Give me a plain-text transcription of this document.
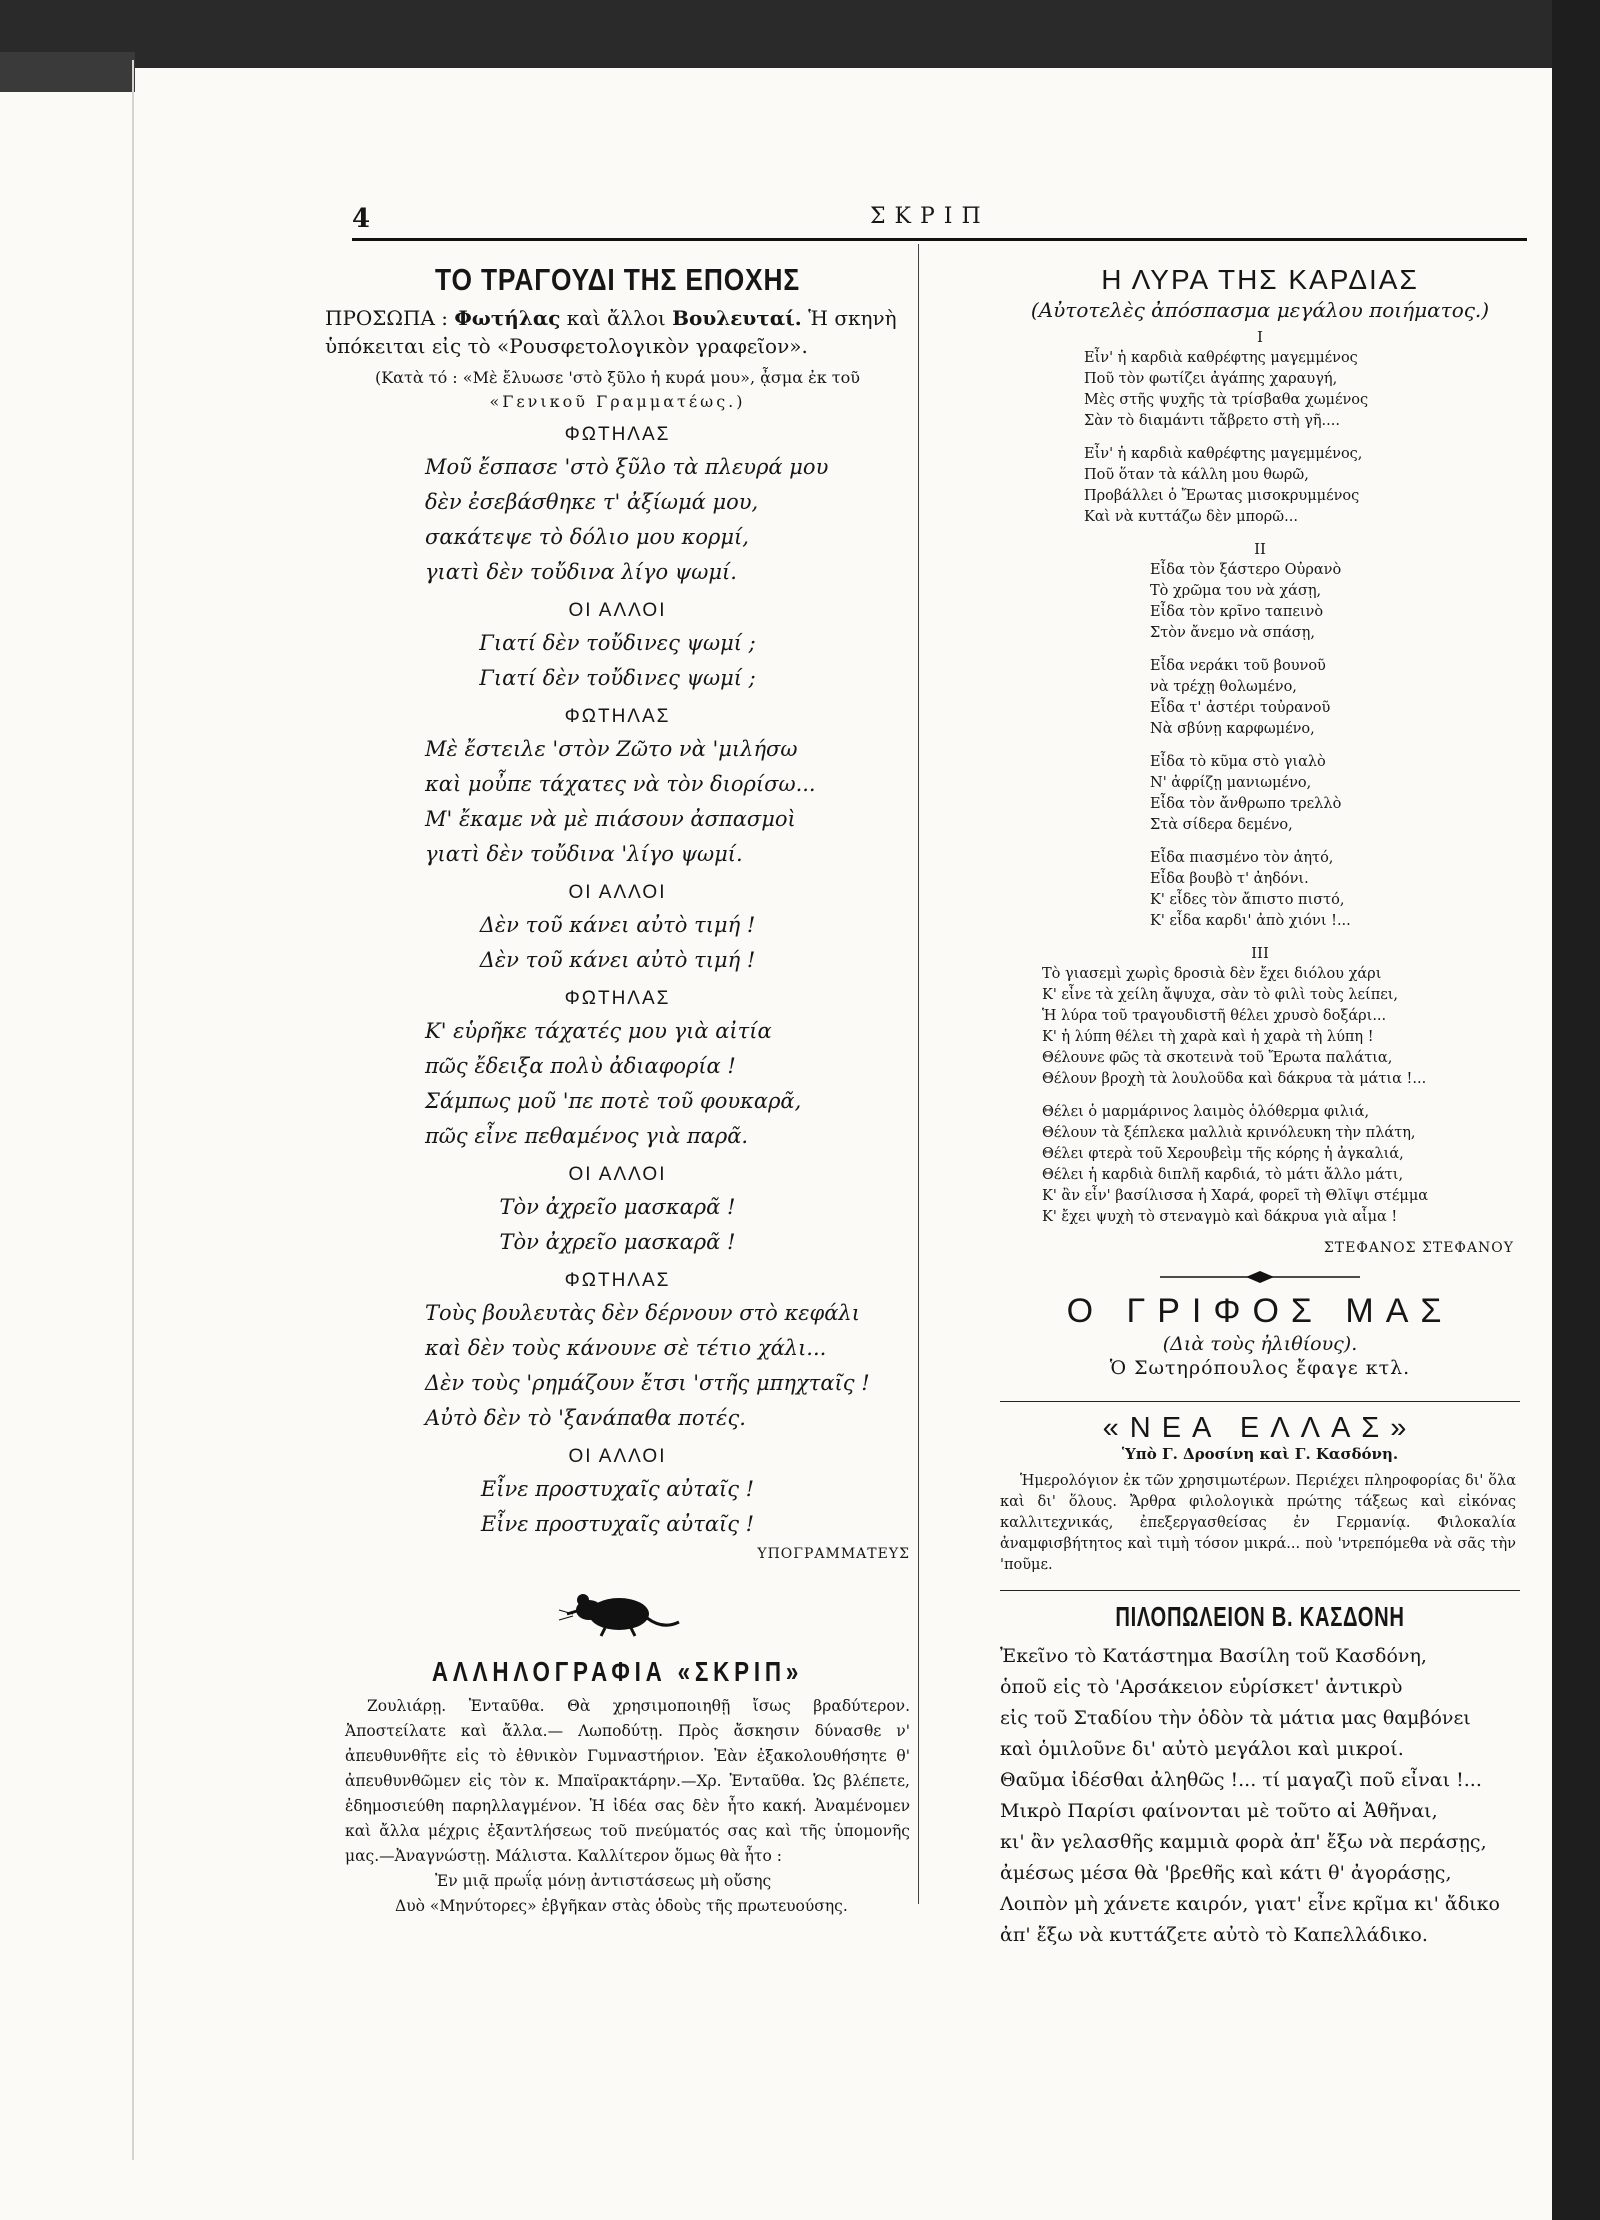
4	ΣΚΡΙΠ
ΤΟ ΤΡΑΓΟΥΔΙ ΤΗΣ ΕΠΟΧΗΣ
ΠΡΟΣΩΠΑ : Φωτήλας καὶ ἄλλοι Βουλευταί. Ἡ σκηνὴ ὑπόκειται εἰς τὸ «Ρουσφετολογικὸν γραφεῖον».
(Κατὰ τό : «Μὲ ἔλυωσε 'στὸ ξῦλο ἡ κυρά μου», ᾆσμα ἐκ τοῦ
«Γενικοῦ Γραμματέως.)
ΦΩΤΗΛΑΣ
Μοῦ ἔσπασε 'στὸ ξῦλο τὰ πλευρά μου
δὲν ἐσεβάσθηκε τ' ἀξίωμά μου,
σακάτεψε τὸ δόλιο μου κορμί,
γιατὶ δὲν τοὔδινα λίγο ψωμί.
ΟΙ ΑΛΛΟΙ
Γιατί δὲν τοὔδινες ψωμί ;
Γιατί δὲν τοὔδινες ψωμί ;
ΦΩΤΗΛΑΣ
Μὲ ἔστειλε 'στὸν Ζῶτο νὰ 'μιλήσω
καὶ μοὖπε τάχατες νὰ τὸν διορίσω...
Μ' ἔκαμε νὰ μὲ πιάσουν ἀσπασμοὶ
γιατὶ δὲν τοὔδινα 'λίγο ψωμί.
ΟΙ ΑΛΛΟΙ
Δὲν τοῦ κάνει αὐτὸ τιμή !
Δὲν τοῦ κάνει αὐτὸ τιμή !
ΦΩΤΗΛΑΣ
Κ' εὑρῆκε τάχατές μου γιὰ αἰτία
πῶς ἔδειξα πολὺ ἀδιαφορία !
Σάμπως μοῦ 'πε ποτὲ τοῦ φουκαρᾶ,
πῶς εἶνε πεθαμένος γιὰ παρᾶ.
ΟΙ ΑΛΛΟΙ
Τὸν ἀχρεῖο μασκαρᾶ !
Τὸν ἀχρεῖο μασκαρᾶ !
ΦΩΤΗΛΑΣ
Τοὺς βουλευτὰς δὲν δέρνουν στὸ κεφάλι
καὶ δὲν τοὺς κάνουνε σὲ τέτιο χάλι...
Δὲν τοὺς 'ρημάζουν ἔτσι 'στῆς μπηχταῖς !
Αὐτὸ δὲν τὸ 'ξανάπαθα ποτές.
ΟΙ ΑΛΛΟΙ
Εἶνε προστυχαῖς αὐταῖς !
Εἶνε προστυχαῖς αὐταῖς !
ΥΠΟΓΡΑΜΜΑΤΕΥΣ
ΑΛΛΗΛΟΓΡΑΦΙΑ «ΣΚΡΙΠ»

Ζουλιάρῃ. Ἐνταῦθα. Θὰ χρησιμοποιηθῇ ἴσως βραδύτερον. Ἀποστείλατε καὶ ἄλλα.— Λωποδύτῃ. Πρὸς ἄσκησιν δύνασθε ν' ἀπευθυνθῆτε εἰς τὸ ἐθνικὸν Γυμναστήριον. Ἐὰν ἐξακολουθήσητε θ' ἀπευθυνθῶμεν εἰς τὸν κ. Μπαϊρακτάρην.—Χρ. Ἐνταῦθα. Ὡς βλέπετε, ἐδημοσιεύθη παρηλλαγμένον. Ἡ ἰδέα σας δὲν ἦτο κακή. Ἀναμένομεν καὶ ἄλλα μέχρις ἐξαντλήσεως τοῦ πνεύματός σας καὶ τῆς ὑπομονῆς μας.—Ἀναγνώστῃ. Μάλιστα. Καλλίτερον ὅμως θὰ ἦτο :

Ἐν μιᾷ πρωΐᾳ μόνῃ ἀντιστάσεως μὴ οὔσης

Δυὸ «Μηνύτορες» ἐβγῆκαν στὰς ὁδοὺς τῆς πρωτευούσης.

Η ΛΥΡΑ ΤΗΣ ΚΑΡΔΙΑΣ
(Αὐτοτελὲς ἀπόσπασμα μεγάλου ποιήματος.)
I
Εἶν' ἡ καρδιὰ καθρέφτης μαγεμμένος
Ποῦ τὸν φωτίζει ἀγάπης χαραυγή,
Μὲς στῆς ψυχῆς τὰ τρίσβαθα χωμένος
Σὰν τὸ διαμάντι τἄβρετο στὴ γῆ....
Εἶν' ἡ καρδιὰ καθρέφτης μαγεμμένος,
Ποῦ ὅταν τὰ κάλλη μου θωρῶ,
Προβάλλει ὁ Ἔρωτας μισοκρυμμένος
Καὶ νὰ κυττάζω δὲν μπορῶ...
II
Εἶδα τὸν ξάστερο Οὐρανὸ
Τὸ χρῶμα του νὰ χάσῃ,
Εἶδα τὸν κρῖνο ταπεινὸ
Στὸν ἄνεμο νὰ σπάσῃ,
Εἶδα νεράκι τοῦ βουνοῦ
νὰ τρέχῃ θολωμένο,
Εἶδα τ' ἀστέρι τοὐρανοῦ
Νὰ σβύνῃ καρφωμένο,
Εἶδα τὸ κῦμα στὸ γιαλὸ
Ν' ἀφρίζῃ μανιωμένο,
Εἶδα τὸν ἄνθρωπο τρελλὸ
Στὰ σίδερα δεμένο,
Εἶδα πιασμένο τὸν ἀητό,
Εἶδα βουβὸ τ' ἀηδόνι.
Κ' εἶδες τὸν ἄπιστο πιστό,
Κ' εἶδα καρδι' ἀπὸ χιόνι !...
III
Τὸ γιασεμὶ χωρὶς δροσιὰ δὲν ἔχει διόλου χάρι
Κ' εἶνε τὰ χείλη ἄψυχα, σὰν τὸ φιλὶ τοὺς λείπει,
Ἡ λύρα τοῦ τραγουδιστῆ θέλει χρυσὸ δοξάρι...
Κ' ἡ λύπη θέλει τὴ χαρὰ καὶ ἡ χαρὰ τὴ λύπη !
Θέλουνε φῶς τὰ σκοτεινὰ τοῦ Ἔρωτα παλάτια,
Θέλουν βροχὴ τὰ λουλοῦδα καὶ δάκρυα τὰ μάτια !...
Θέλει ὁ μαρμάρινος λαιμὸς ὁλόθερμα φιλιά,
Θέλουν τὰ ξέπλεκα μαλλιὰ κρινόλευκη τὴν πλάτη,
Θέλει φτερὰ τοῦ Χερουβεὶμ τῆς κόρης ἡ ἀγκαλιά,
Θέλει ἡ καρδιὰ διπλῆ καρδιά, τὸ μάτι ἄλλο μάτι,
Κ' ἂν εἶν' βασίλισσα ἡ Χαρά, φορεῖ τὴ Θλῖψι στέμμα
Κ' ἔχει ψυχὴ τὸ στεναγμὸ καὶ δάκρυα γιὰ αἷμα !
ΣΤΕΦΑΝΟΣ ΣΤΕΦΑΝΟΥ
Ο ΓΡΙΦΟΣ ΜΑΣ
(Διὰ τοὺς ἠλιθίους).
Ὁ Σωτηρόπουλος ἔφαγε κτλ.
«ΝΕΑ ΕΛΛΑΣ»
Ὑπὸ Γ. Δροσίνη καὶ Γ. Κασδόνη.
Ἡμερολόγιον ἐκ τῶν χρησιμωτέρων. Περιέχει πληροφορίας δι' ὅλα καὶ δι' ὅλους. Ἄρθρα φιλολογικὰ πρώτης τάξεως καὶ εἰκόνας καλλιτεχνικάς, ἐπεξεργασθείσας ἐν Γερμανίᾳ. Φιλοκαλία ἀναμφισβήτητος καὶ τιμὴ τόσον μικρά... ποὺ 'ντρεπόμεθα νὰ σᾶς τὴν 'ποῦμε.
ΠΙΛΟΠΩΛΕΙΟΝ Β. ΚΑΣΔΟΝΗ
Ἐκεῖνο τὸ Κατάστημα Βασίλη τοῦ Κασδόνη,
ὁποῦ εἰς τὸ 'Αρσάκειον εὑρίσκετ' ἀντικρὺ
εἰς τοῦ Σταδίου τὴν ὁδὸν τὰ μάτια μας θαμβόνει
καὶ ὁμιλοῦνε δι' αὐτὸ μεγάλοι καὶ μικροί.
Θαῦμα ἰδέσθαι ἀληθῶς !... τί μαγαζὶ ποῦ εἶναι !...
Μικρὸ Παρίσι φαίνονται μὲ τοῦτο αἱ Ἀθῆναι,
κι' ἂν γελασθῆς καμμιὰ φορὰ ἀπ' ἔξω νὰ περάσῃς,
ἀμέσως μέσα θὰ 'βρεθῆς καὶ κάτι θ' ἀγοράσῃς,
Λοιπὸν μὴ χάνετε καιρόν, γιατ' εἶνε κρῖμα κι' ἄδικο
ἀπ' ἔξω νὰ κυττάζετε αὐτὸ τὸ Καπελλάδικο.
